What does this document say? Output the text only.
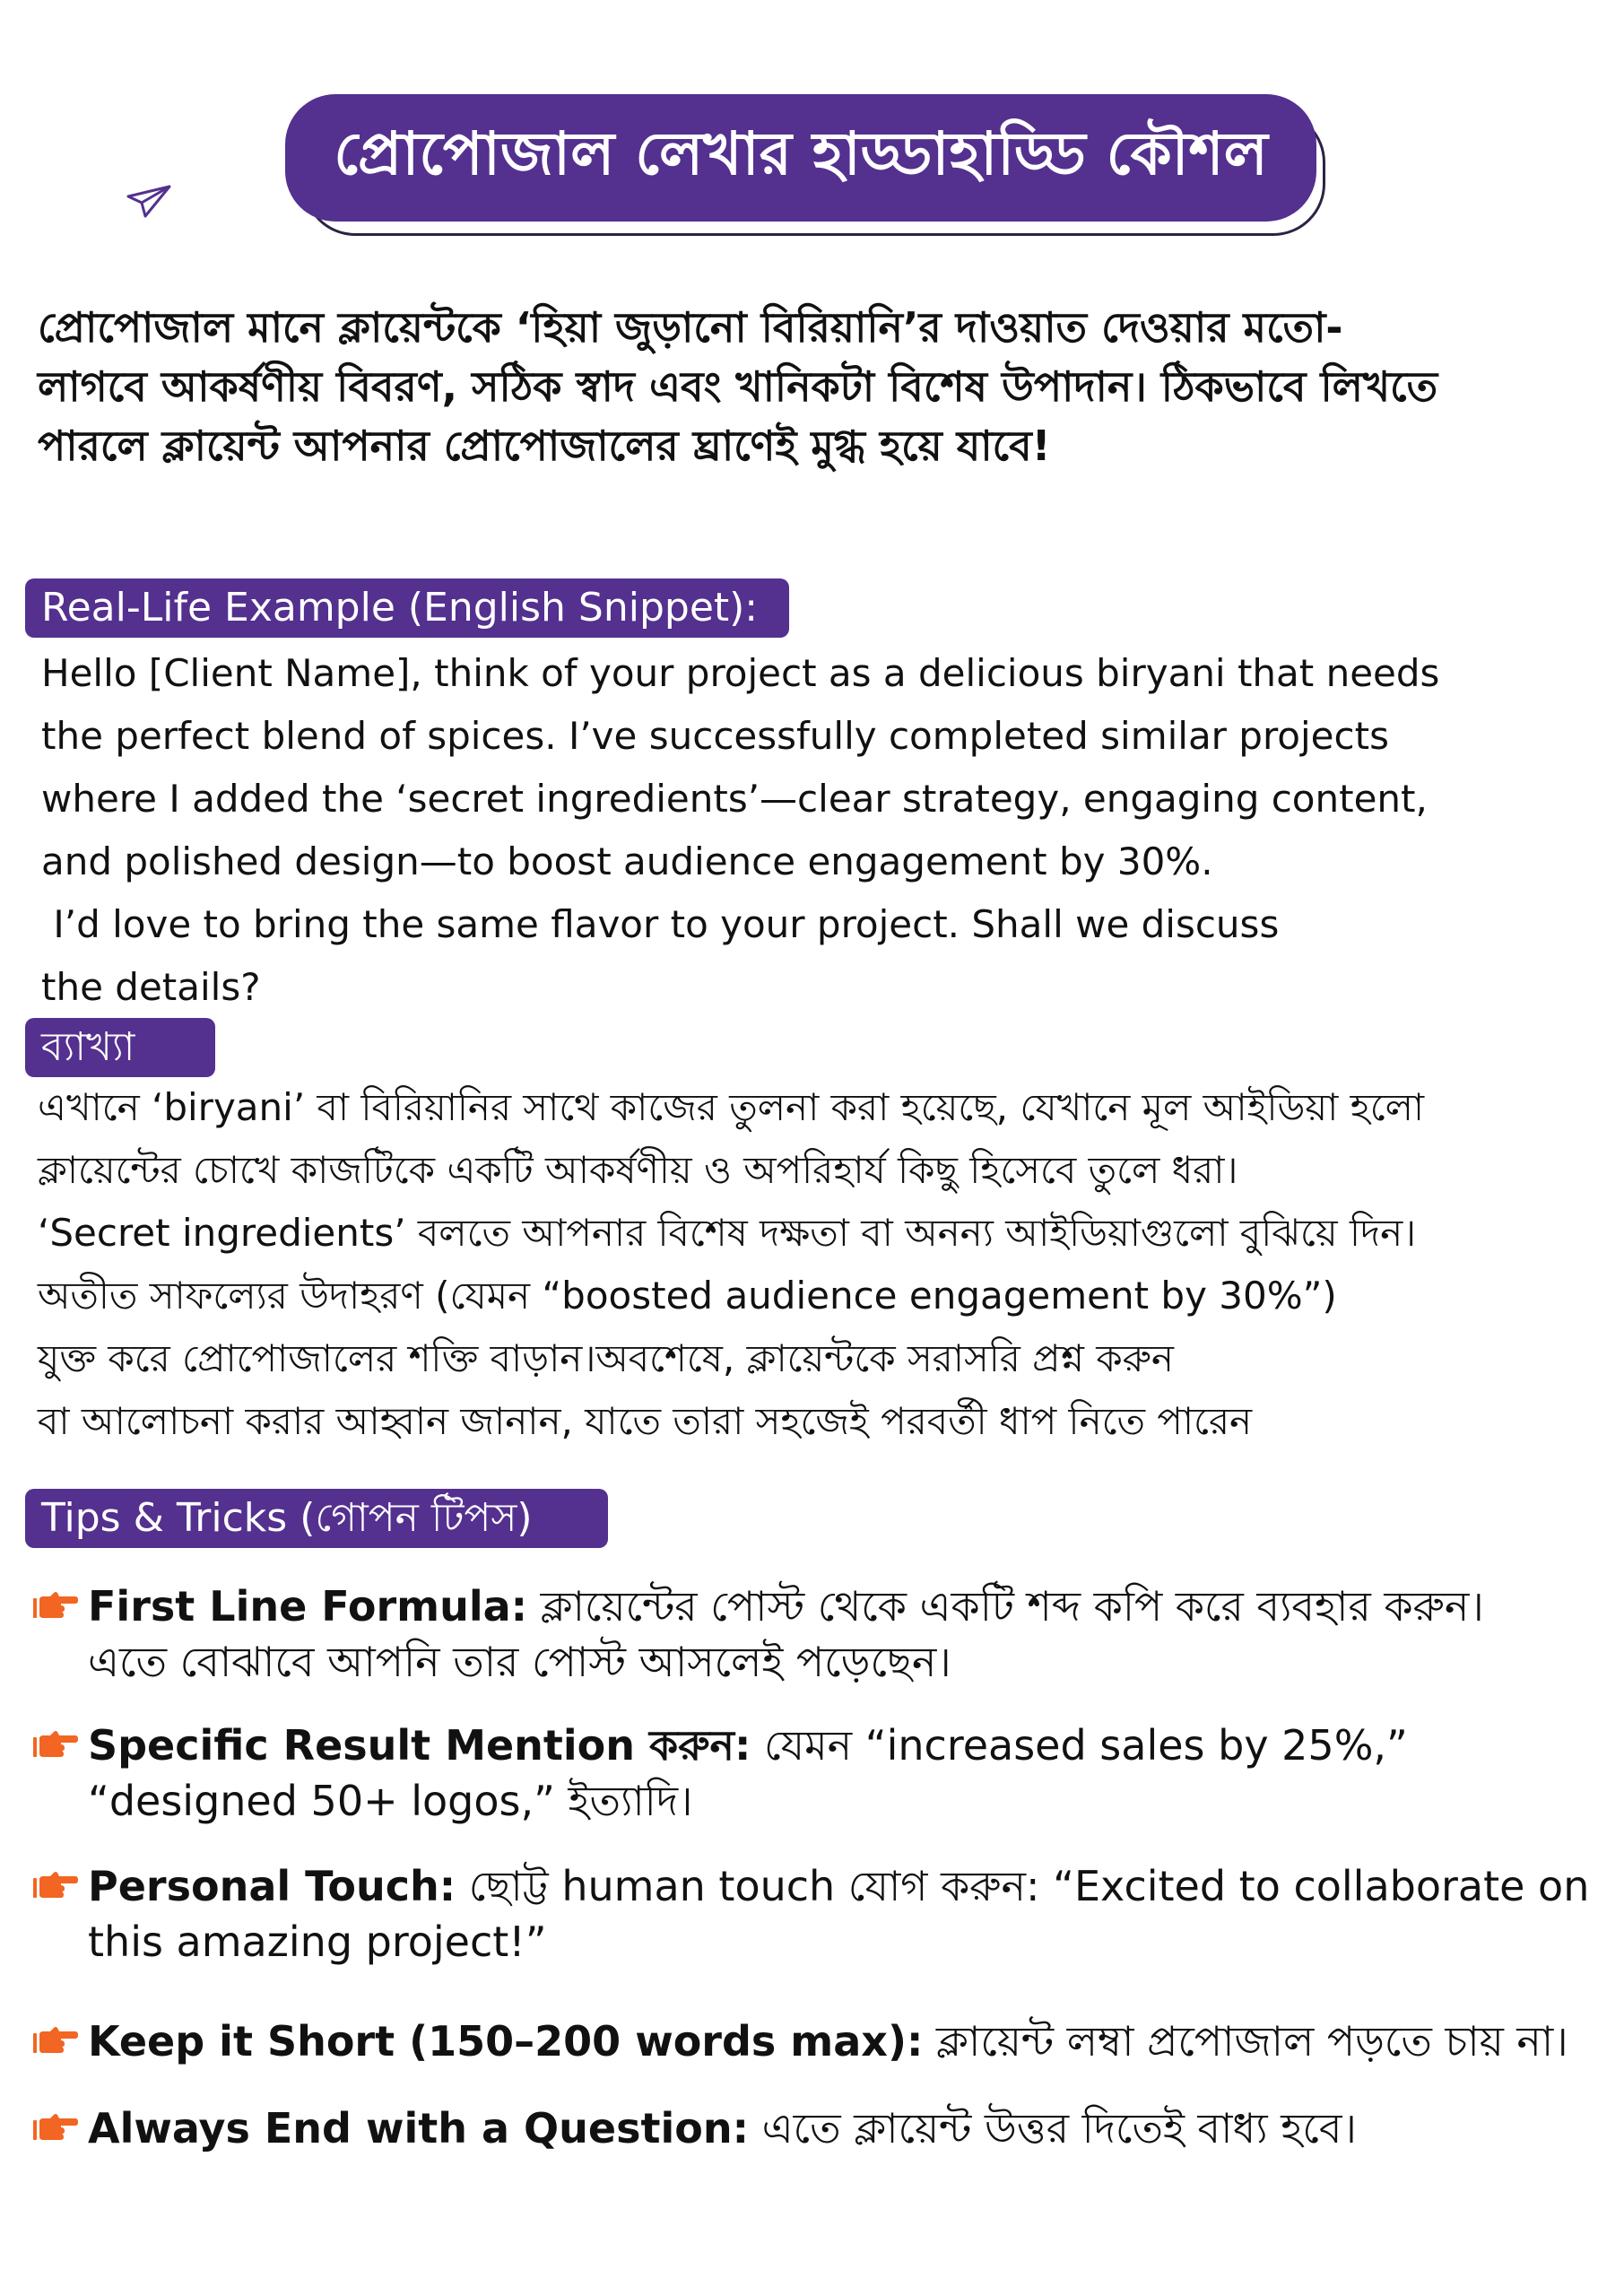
প্রোপোজাল লেখার হাড্ডাহাড্ডি কৌশল

প্রোপোজাল মানে ক্লায়েন্টকে ‘হিয়া জুড়ানো বিরিয়ানি’র দাওয়াত দেওয়ার মতো-

লাগবে আকর্ষণীয় বিবরণ, সঠিক স্বাদ এবং খানিকটা বিশেষ উপাদান। ঠিকভাবে লিখতে

পারলে ক্লায়েন্ট আপনার প্রোপোজালের ঘ্রাণেই মুগ্ধ হয়ে যাবে!

Real-Life Example (English Snippet):

Hello [Client Name], think of your project as a delicious biryani that needs

the perfect blend of spices. I’ve successfully completed similar projects

where I added the ‘secret ingredients’—clear strategy, engaging content,

and polished design—to boost audience engagement by 30%.

I’d love to bring the same flavor to your project. Shall we discuss

the details?

ব্যাখ্যা

এখানে ‘biryani’ বা বিরিয়ানির সাথে কাজের তুলনা করা হয়েছে, যেখানে মূল আইডিয়া হলো

ক্লায়েন্টের চোখে কাজটিকে একটি আকর্ষণীয় ও অপরিহার্য কিছু হিসেবে তুলে ধরা।

‘Secret ingredients’ বলতে আপনার বিশেষ দক্ষতা বা অনন্য আইডিয়াগুলো বুঝিয়ে দিন।

অতীত সাফল্যের উদাহরণ (যেমন “boosted audience engagement by 30%”)

যুক্ত করে প্রোপোজালের শক্তি বাড়ান।অবশেষে, ক্লায়েন্টকে সরাসরি প্রশ্ন করুন

বা আলোচনা করার আহ্বান জানান, যাতে তারা সহজেই পরবর্তী ধাপ নিতে পারেন

Tips & Tricks (গোপন টিপস)

First Line Formula: ক্লায়েন্টের পোস্ট থেকে একটি শব্দ কপি করে ব্যবহার করুন।

এতে বোঝাবে আপনি তার পোস্ট আসলেই পড়েছেন।

Specific Result Mention করুন: যেমন “increased sales by 25%,”

“designed 50+ logos,” ইত্যাদি।

Personal Touch: ছোট্ট human touch যোগ করুন: “Excited to collaborate on

this amazing project!”

Keep it Short (150–200 words max): ক্লায়েন্ট লম্বা প্রপোজাল পড়তে চায় না।

Always End with a Question: এতে ক্লায়েন্ট উত্তর দিতেই বাধ্য হবে।
